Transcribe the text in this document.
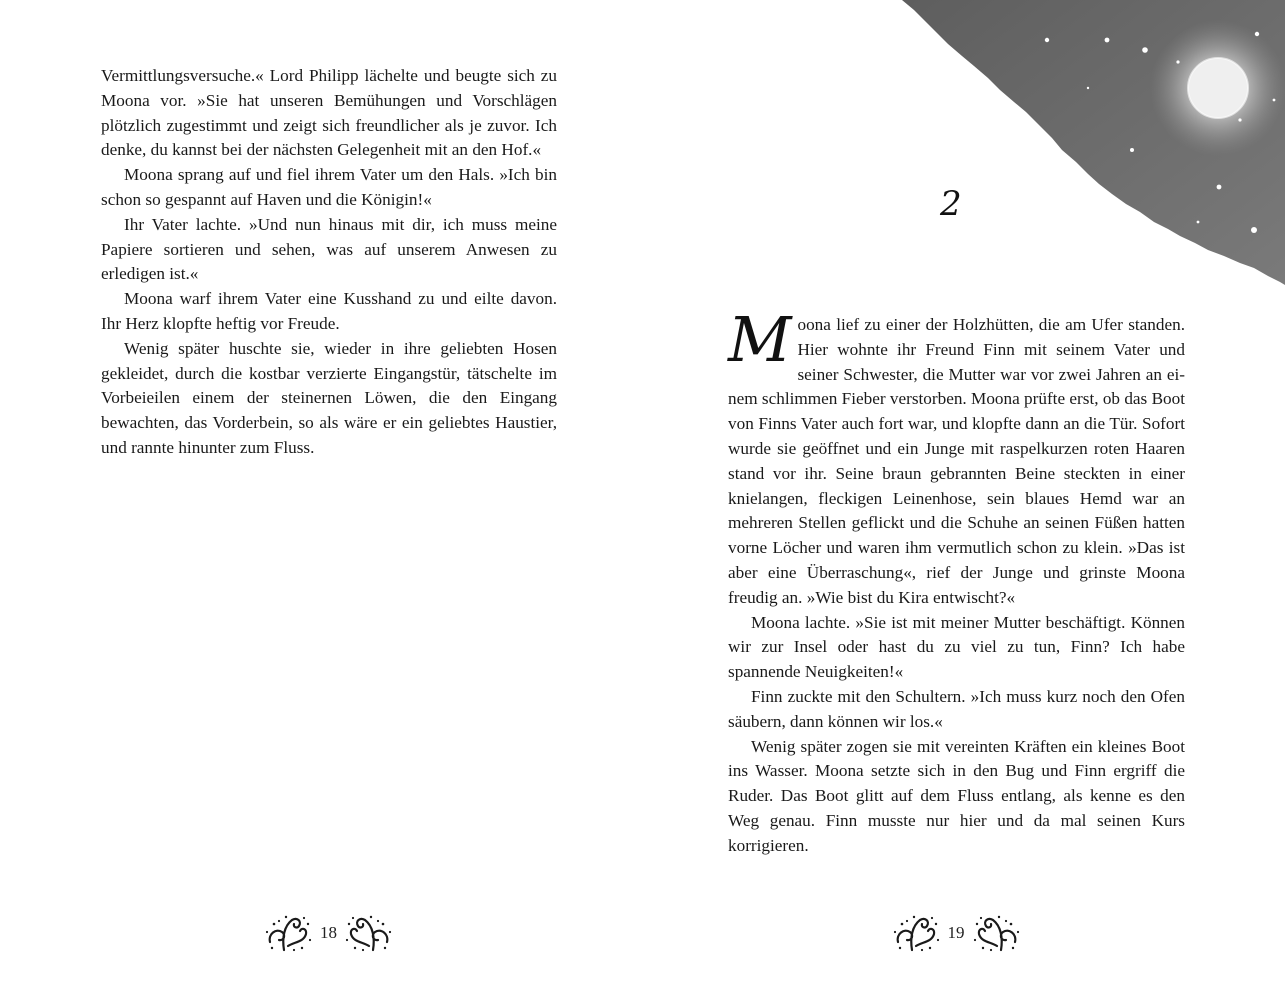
Vermittlungsversuche.« Lord Philipp lächelte und beugte sich zu Moona vor. »Sie hat unseren Bemühungen und Vorschlägen plötzlich zugestimmt und zeigt sich freundlicher als je zuvor. Ich denke, du kannst bei der nächsten Gelegenheit mit an den Hof.«

Moona sprang auf und fiel ihrem Vater um den Hals. »Ich bin schon so gespannt auf Haven und die Königin!«

Ihr Vater lachte. »Und nun hinaus mit dir, ich muss meine Papiere sortieren und sehen, was auf unserem Anwesen zu erledigen ist.«

Moona warf ihrem Vater eine Kusshand zu und eilte davon. Ihr Herz klopfte heftig vor Freude.

Wenig später huschte sie, wieder in ihre geliebten Hosen gekleidet, durch die kostbar verzierte Eingangstür, tätschelte im Vorbeieilen einem der steinernen Löwen, die den Eingang bewachten, das Vorderbein, so als wäre er ein geliebtes Haustier, und rannte hinunter zum Fluss.

18
2

Moona lief zu einer der Holzhütten, die am Ufer standen. Hier wohnte ihr Freund Finn mit seinem Vater und seiner Schwester, die Mutter war vor zwei Jahren an einem schlimmen Fieber verstorben. Moona prüfte erst, ob das Boot von Finns Vater auch fort war, und klopfte dann an die Tür. Sofort wurde sie geöffnet und ein Junge mit raspelkurzen roten Haaren stand vor ihr. Seine braun gebrannten Beine steckten in einer knielangen, fleckigen Leinenhose, sein blaues Hemd war an mehreren Stellen geflickt und die Schuhe an seinen Füßen hatten vorne Löcher und waren ihm vermutlich schon zu klein. »Das ist aber eine Überraschung«, rief der Junge und grinste Moona freudig an. »Wie bist du Kira entwischt?«

Moona lachte. »Sie ist mit meiner Mutter beschäftigt. Können wir zur Insel oder hast du zu viel zu tun, Finn? Ich habe spannende Neuigkeiten!«

Finn zuckte mit den Schultern. »Ich muss kurz noch den Ofen säubern, dann können wir los.«

Wenig später zogen sie mit vereinten Kräften ein kleines Boot ins Wasser. Moona setzte sich in den Bug und Finn ergriff die Ruder. Das Boot glitt auf dem Fluss entlang, als kenne es den Weg genau. Finn musste nur hier und da mal seinen Kurs korrigieren.

19
